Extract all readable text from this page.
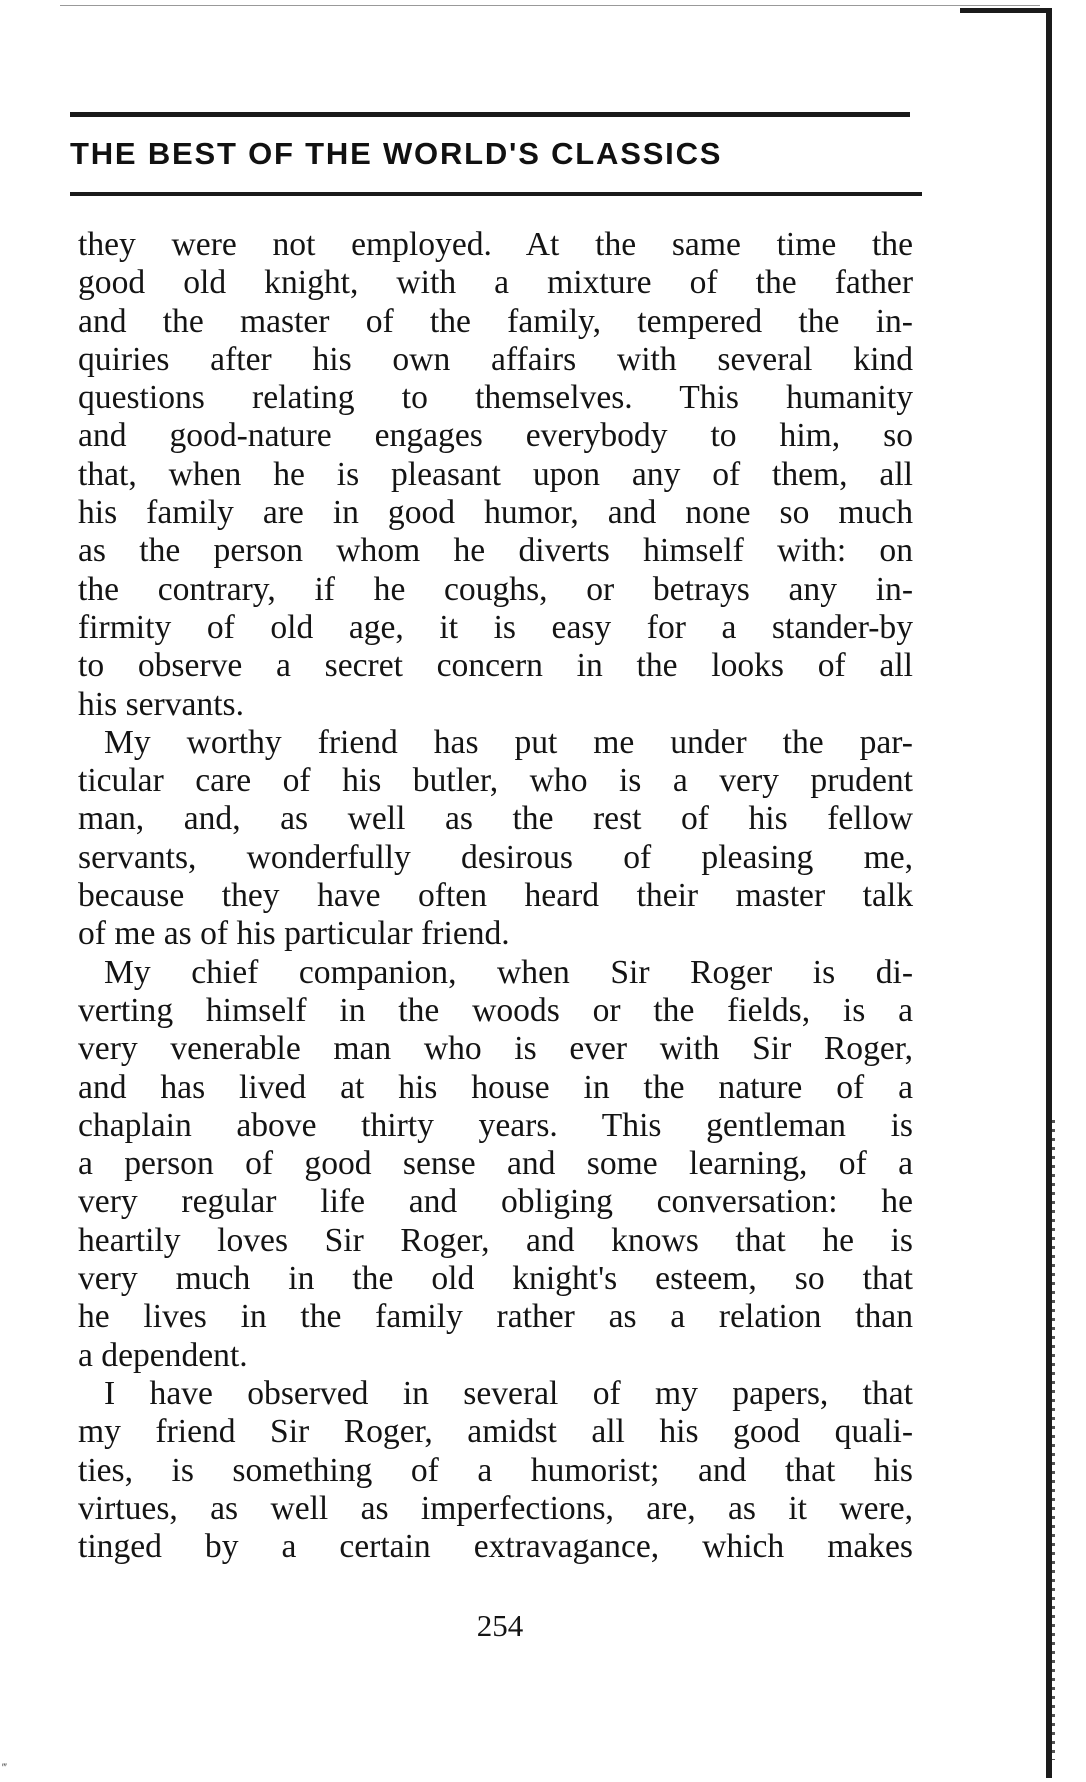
THE BEST OF THE WORLD'S CLASSICS
they were not employed. At the same time the
good old knight, with a mixture of the father
and the master of the family, tempered the in-
quiries after his own affairs with several kind
questions relating to themselves. This humanity
and good-nature engages everybody to him, so
that, when he is pleasant upon any of them, all
his family are in good humor, and none so much
as the person whom he diverts himself with: on
the contrary, if he coughs, or betrays any in-
firmity of old age, it is easy for a stander-by
to observe a secret concern in the looks of all
his servants.
My worthy friend has put me under the par-
ticular care of his butler, who is a very prudent
man, and, as well as the rest of his fellow
servants, wonderfully desirous of pleasing me,
because they have often heard their master talk
of me as of his particular friend.
My chief companion, when Sir Roger is di-
verting himself in the woods or the fields, is a
very venerable man who is ever with Sir Roger,
and has lived at his house in the nature of a
chaplain above thirty years. This gentleman is
a person of good sense and some learning, of a
very regular life and obliging conversation: he
heartily loves Sir Roger, and knows that he is
very much in the old knight's esteem, so that
he lives in the family rather as a relation than
a dependent.
I have observed in several of my papers, that
my friend Sir Roger, amidst all his good quali-
ties, is something of a humorist; and that his
virtues, as well as imperfections, are, as it were,
tinged by a certain extravagance, which makes
254
‴
